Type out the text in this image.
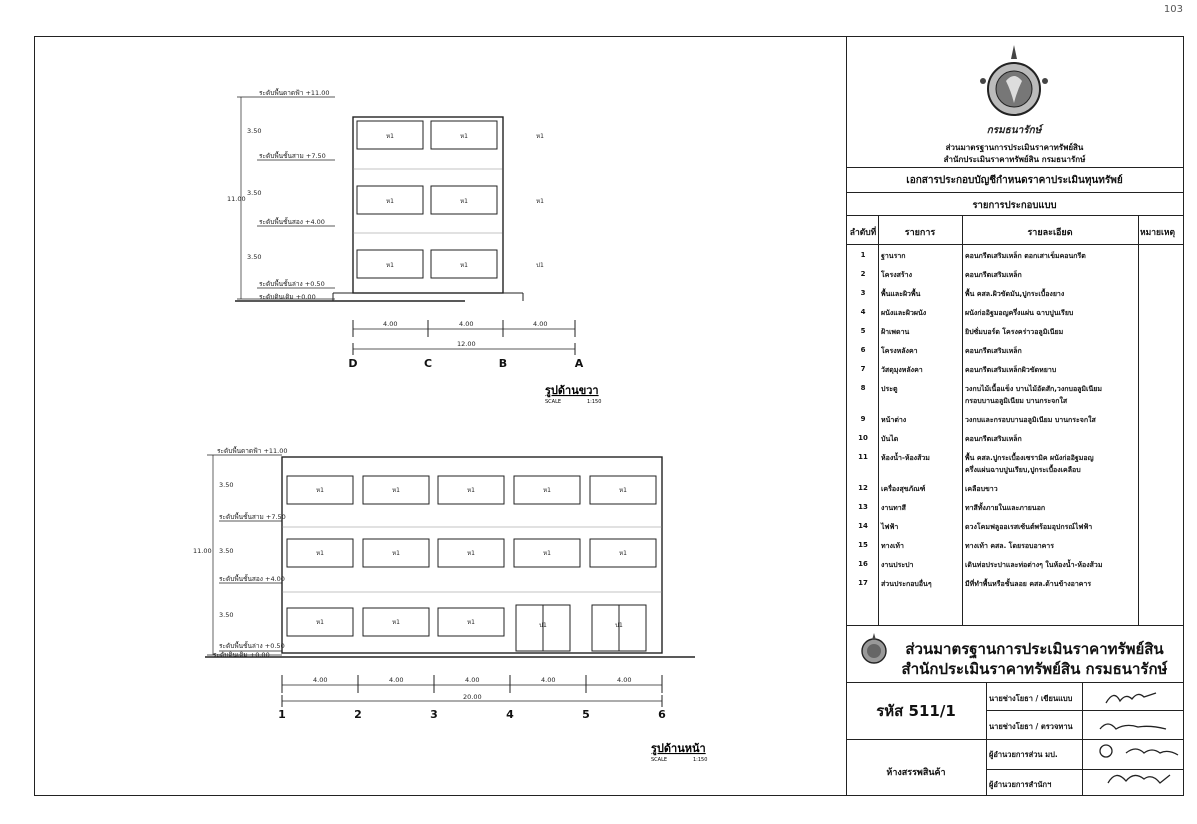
103
ระดับพื้นดาดฟ้า +11.00
ระดับพื้นชั้นสาม +7.50
ระดับพื้นชั้นสอง +4.00
ระดับพื้นชั้นล่าง +0.50
ระดับดินเดิม +0.00
3.50
3.50
3.50
11.00
4.00	4.00	4.00
12.00
ห1	ห1	ห1
ห1	ห1	ห1
ห1	ห1	ป1
D	C	B	A
รูปด้านขวา
SCALE	1:150
ระดับพื้นดาดฟ้า +11.00
ระดับพื้นชั้นสาม +7.50
ระดับพื้นชั้นสอง +4.00
ระดับพื้นชั้นล่าง +0.50
ระดับดินเดิม +0.00
3.50
3.50
3.50
11.00
4.00	4.00	4.00	4.00	4.00
20.00
ห1	ห1	ห1	ห1	ห1
ห1	ห1	ห1	ห1	ห1
ห1	ห1	ห1	ป1	ป1
1	2	3	4	5	6
รูปด้านหน้า
SCALE	1:150
กรมธนารักษ์
ส่วนมาตรฐานการประเมินราคาทรัพย์สิน
สำนักประเมินราคาทรัพย์สิน กรมธนารักษ์
เอกสารประกอบบัญชีกำหนดราคาประเมินทุนทรัพย์
รายการประกอบแบบ
ลำดับที่	รายการ	รายละเอียด	หมายเหตุ
1	ฐานราก	คอนกรีตเสริมเหล็ก ตอกเสาเข็มคอนกรีต
2	โครงสร้าง	คอนกรีตเสริมเหล็ก
3	พื้นและผิวพื้น	พื้น คสล.ผิวขัดมัน,ปูกระเบื้องยาง
4	ผนังและผิวผนัง	ผนังก่ออิฐมอญครึ่งแผ่น ฉาบปูนเรียบ
5	ฝ้าเพดาน	ยิปซั่มบอร์ด โครงคร่าวอลูมิเนียม
6	โครงหลังคา	คอนกรีตเสริมเหล็ก
7	วัสดุมุงหลังคา	คอนกรีตเสริมเหล็กผิวขัดหยาบ
8	ประตู	วงกบไม้เนื้อแข็ง บานไม้อัดสัก,วงกบอลูมิเนียม
กรอบบานอลูมิเนียม บานกระจกใส
9	หน้าต่าง	วงกบและกรอบบานอลูมิเนียม บานกระจกใส
10	บันได	คอนกรีตเสริมเหล็ก
11	ห้องน้ำ-ห้องส้วม	พื้น คสล.ปูกระเบื้องเซรามิค ผนังก่ออิฐมอญ
ครึ่งแผ่นฉาบปูนเรียบ,ปูกระเบื้องเคลือบ
12	เครื่องสุขภัณฑ์	เคลือบขาว
13	งานทาสี	ทาสีทั้งภายในและภายนอก
14	ไฟฟ้า	ดวงโคมฟลูออเรสเซ้นต์พร้อมอุปกรณ์ไฟฟ้า
15	ทางเท้า	ทางเท้า คสล. โดยรอบอาคาร
16	งานประปา	เดินท่อประปาและท่อต่างๆ ในห้องน้ำ-ห้องส้วม
17	ส่วนประกอบอื่นๆ	มีที่ทำพื้นหรือชั้นลอย คสล.ด้านข้างอาคาร
ส่วนมาตรฐานการประเมินราคาทรัพย์สิน
สำนักประเมินราคาทรัพย์สิน กรมธนารักษ์
รหัส 511/1
ห้างสรรพสินค้า
นายช่างโยธา / เขียนแบบ
นายช่างโยธา / ตรวจทาน
ผู้อำนวยการส่วน มป.
ผู้อำนวยการสำนักฯ
